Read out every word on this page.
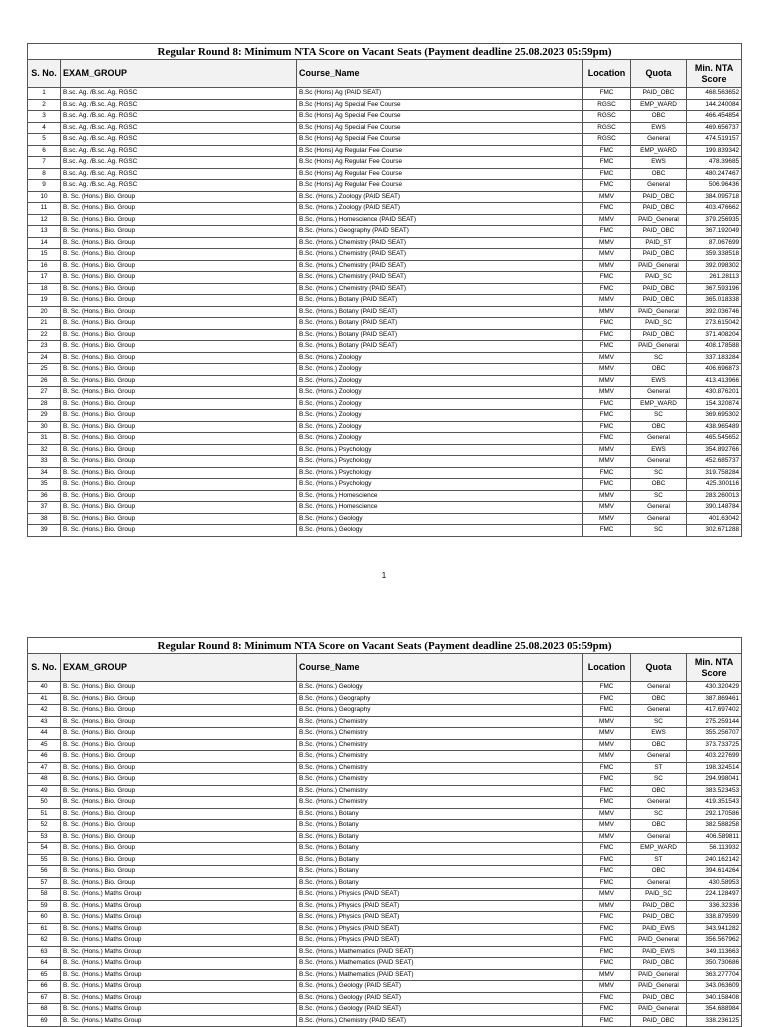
Regular Round 8: Minimum NTA Score on Vacant Seats (Payment deadline 25.08.2023 05:59pm)					
S. No.	EXAM_GROUP	Course_Name	Location	Quota	Min. NTA Score
1	B.sc. Ag. /B.sc. Ag. RGSC	B.Sc (Hons) Ag (PAID SEAT)	FMC	PAID_OBC	468.563652
2	B.sc. Ag. /B.sc. Ag. RGSC	B.Sc (Hons) Ag Special Fee Course	RGSC	EMP_WARD	144.240084
3	B.sc. Ag. /B.sc. Ag. RGSC	B.Sc (Hons) Ag Special Fee Course	RGSC	OBC	466.454854
4	B.sc. Ag. /B.sc. Ag. RGSC	B.Sc (Hons) Ag Special Fee Course	RGSC	EWS	469.656737
5	B.sc. Ag. /B.sc. Ag. RGSC	B.Sc (Hons) Ag Special Fee Course	RGSC	General	474.519157
6	B.sc. Ag. /B.sc. Ag. RGSC	B.Sc (Hons) Ag Regular Fee Course	FMC	EMP_WARD	199.839342
7	B.sc. Ag. /B.sc. Ag. RGSC	B.Sc (Hons) Ag Regular Fee Course	FMC	EWS	478.39685
8	B.sc. Ag. /B.sc. Ag. RGSC	B.Sc (Hons) Ag Regular Fee Course	FMC	OBC	480.247467
9	B.sc. Ag. /B.sc. Ag. RGSC	B.Sc (Hons) Ag Regular Fee Course	FMC	General	506.96436
10	B. Sc. (Hons.) Bio. Group	B.Sc. (Hons.) Zoology (PAID SEAT)	MMV	PAID_OBC	384.095718
11	B. Sc. (Hons.) Bio. Group	B.Sc. (Hons.) Zoology (PAID SEAT)	FMC	PAID_OBC	403.476662
12	B. Sc. (Hons.) Bio. Group	B.Sc. (Hons.) Homescience (PAID SEAT)	MMV	PAID_General	379.256935
13	B. Sc. (Hons.) Bio. Group	B.Sc. (Hons.) Geography (PAID SEAT)	FMC	PAID_OBC	367.192049
14	B. Sc. (Hons.) Bio. Group	B.Sc. (Hons.) Chemistry (PAID SEAT)	MMV	PAID_ST	87.067699
15	B. Sc. (Hons.) Bio. Group	B.Sc. (Hons.) Chemistry (PAID SEAT)	MMV	PAID_OBC	359.338518
16	B. Sc. (Hons.) Bio. Group	B.Sc. (Hons.) Chemistry (PAID SEAT)	MMV	PAID_General	392.098302
17	B. Sc. (Hons.) Bio. Group	B.Sc. (Hons.) Chemistry (PAID SEAT)	FMC	PAID_SC	261.28113
18	B. Sc. (Hons.) Bio. Group	B.Sc. (Hons.) Chemistry (PAID SEAT)	FMC	PAID_OBC	367.593196
19	B. Sc. (Hons.) Bio. Group	B.Sc. (Hons.) Botany (PAID SEAT)	MMV	PAID_OBC	365.018338
20	B. Sc. (Hons.) Bio. Group	B.Sc. (Hons.) Botany (PAID SEAT)	MMV	PAID_General	392.036746
21	B. Sc. (Hons.) Bio. Group	B.Sc. (Hons.) Botany (PAID SEAT)	FMC	PAID_SC	273.615042
22	B. Sc. (Hons.) Bio. Group	B.Sc. (Hons.) Botany (PAID SEAT)	FMC	PAID_OBC	371.408204
23	B. Sc. (Hons.) Bio. Group	B.Sc. (Hons.) Botany (PAID SEAT)	FMC	PAID_General	408.178588
24	B. Sc. (Hons.) Bio. Group	B.Sc. (Hons.) Zoology	MMV	SC	337.183284
25	B. Sc. (Hons.) Bio. Group	B.Sc. (Hons.) Zoology	MMV	OBC	406.696873
26	B. Sc. (Hons.) Bio. Group	B.Sc. (Hons.) Zoology	MMV	EWS	413.413966
27	B. Sc. (Hons.) Bio. Group	B.Sc. (Hons.) Zoology	MMV	General	430.876201
28	B. Sc. (Hons.) Bio. Group	B.Sc. (Hons.) Zoology	FMC	EMP_WARD	154.320874
29	B. Sc. (Hons.) Bio. Group	B.Sc. (Hons.) Zoology	FMC	SC	369.695302
30	B. Sc. (Hons.) Bio. Group	B.Sc. (Hons.) Zoology	FMC	OBC	438.965489
31	B. Sc. (Hons.) Bio. Group	B.Sc. (Hons.) Zoology	FMC	General	465.545652
32	B. Sc. (Hons.) Bio. Group	B.Sc. (Hons.) Psychology	MMV	EWS	354.892766
33	B. Sc. (Hons.) Bio. Group	B.Sc. (Hons.) Psychology	MMV	General	452.685737
34	B. Sc. (Hons.) Bio. Group	B.Sc. (Hons.) Psychology	FMC	SC	319.758284
35	B. Sc. (Hons.) Bio. Group	B.Sc. (Hons.) Psychology	FMC	OBC	425.300116
36	B. Sc. (Hons.) Bio. Group	B.Sc. (Hons.) Homescience	MMV	SC	283.260013
37	B. Sc. (Hons.) Bio. Group	B.Sc. (Hons.) Homescience	MMV	General	390.148784
38	B. Sc. (Hons.) Bio. Group	B.Sc. (Hons.) Geology	MMV	General	401.63042
39	B. Sc. (Hons.) Bio. Group	B.Sc. (Hons.) Geology	FMC	SC	302.671288
1
Regular Round 8: Minimum NTA Score on Vacant Seats (Payment deadline 25.08.2023 05:59pm)					
S. No.	EXAM_GROUP	Course_Name	Location	Quota	Min. NTA Score
40	B. Sc. (Hons.) Bio. Group	B.Sc. (Hons.) Geology	FMC	General	430.320429
41	B. Sc. (Hons.) Bio. Group	B.Sc. (Hons.) Geography	FMC	OBC	387.869461
42	B. Sc. (Hons.) Bio. Group	B.Sc. (Hons.) Geography	FMC	General	417.697402
43	B. Sc. (Hons.) Bio. Group	B.Sc. (Hons.) Chemistry	MMV	SC	275.259144
44	B. Sc. (Hons.) Bio. Group	B.Sc. (Hons.) Chemistry	MMV	EWS	355.256707
45	B. Sc. (Hons.) Bio. Group	B.Sc. (Hons.) Chemistry	MMV	OBC	373.733725
46	B. Sc. (Hons.) Bio. Group	B.Sc. (Hons.) Chemistry	MMV	General	403.227699
47	B. Sc. (Hons.) Bio. Group	B.Sc. (Hons.) Chemistry	FMC	ST	198.324514
48	B. Sc. (Hons.) Bio. Group	B.Sc. (Hons.) Chemistry	FMC	SC	294.998041
49	B. Sc. (Hons.) Bio. Group	B.Sc. (Hons.) Chemistry	FMC	OBC	383.523453
50	B. Sc. (Hons.) Bio. Group	B.Sc. (Hons.) Chemistry	FMC	General	419.351543
51	B. Sc. (Hons.) Bio. Group	B.Sc. (Hons.) Botany	MMV	SC	292.170586
52	B. Sc. (Hons.) Bio. Group	B.Sc. (Hons.) Botany	MMV	OBC	382.588258
53	B. Sc. (Hons.) Bio. Group	B.Sc. (Hons.) Botany	MMV	General	406.589811
54	B. Sc. (Hons.) Bio. Group	B.Sc. (Hons.) Botany	FMC	EMP_WARD	56.113932
55	B. Sc. (Hons.) Bio. Group	B.Sc. (Hons.) Botany	FMC	ST	240.162142
56	B. Sc. (Hons.) Bio. Group	B.Sc. (Hons.) Botany	FMC	OBC	394.614264
57	B. Sc. (Hons.) Bio. Group	B.Sc. (Hons.) Botany	FMC	General	430.58953
58	B. Sc. (Hons.) Maths Group	B.Sc. (Hons.) Physics (PAID SEAT)	MMV	PAID_SC	224.128497
59	B. Sc. (Hons.) Maths Group	B.Sc. (Hons.) Physics (PAID SEAT)	MMV	PAID_OBC	336.32336
60	B. Sc. (Hons.) Maths Group	B.Sc. (Hons.) Physics (PAID SEAT)	FMC	PAID_OBC	338.879599
61	B. Sc. (Hons.) Maths Group	B.Sc. (Hons.) Physics (PAID SEAT)	FMC	PAID_EWS	343.941282
62	B. Sc. (Hons.) Maths Group	B.Sc. (Hons.) Physics (PAID SEAT)	FMC	PAID_General	356.567962
63	B. Sc. (Hons.) Maths Group	B.Sc. (Hons.) Mathematics (PAID SEAT)	FMC	PAID_EWS	349.113663
64	B. Sc. (Hons.) Maths Group	B.Sc. (Hons.) Mathematics (PAID SEAT)	FMC	PAID_OBC	350.730686
65	B. Sc. (Hons.) Maths Group	B.Sc. (Hons.) Mathematics (PAID SEAT)	MMV	PAID_General	363.277704
66	B. Sc. (Hons.) Maths Group	B.Sc. (Hons.) Geology (PAID SEAT)	MMV	PAID_General	343.063609
67	B. Sc. (Hons.) Maths Group	B.Sc. (Hons.) Geology (PAID SEAT)	FMC	PAID_OBC	340.158408
68	B. Sc. (Hons.) Maths Group	B.Sc. (Hons.) Geology (PAID SEAT)	FMC	PAID_General	354.688984
69	B. Sc. (Hons.) Maths Group	B.Sc. (Hons.) Chemistry (PAID SEAT)	FMC	PAID_OBC	338.236125
